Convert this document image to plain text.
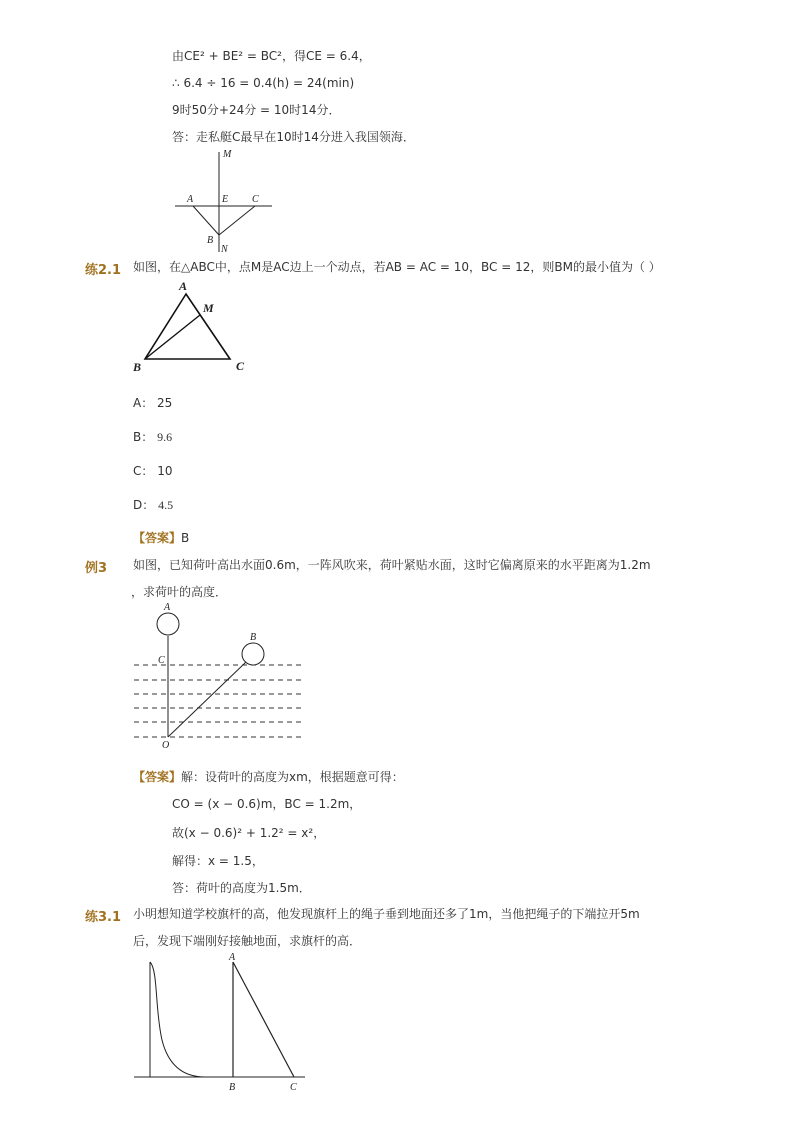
由CE² + BE² = BC²，得CE = 6.4，
∴ 6.4 ÷ 16 = 0.4(h) = 24(min)
9时50分+24分 = 10时14分．
答：走私艇C最早在10时14分进入我国领海．
M
A	E C
B
N
练2.1 如图，在△ABC中，点M是AC边上一个动点，若AB = AC = 10，BC = 12，则BM的最小值为（ ）
A
M
B	C
A： 25
B： 9.6
C： 10
D： 4.5
【答案】B
例3 如图，已知荷叶高出水面0.6m，一阵风吹来，荷叶紧贴水面，这时它偏离原来的水平距离为1.2m
，求荷叶的高度．
A
B
C
O
【答案】解：设荷叶的高度为xm，根据题意可得：
CO = (x − 0.6)m，BC = 1.2m，
故(x − 0.6)² + 1.2² = x²，
解得：x = 1.5，
答：荷叶的高度为1.5m．
练3.1 小明想知道学校旗杆的高，他发现旗杆上的绳子垂到地面还多了1m，当他把绳子的下端拉开5m
后，发现下端刚好接触地面，求旗杆的高．
A
B	C
